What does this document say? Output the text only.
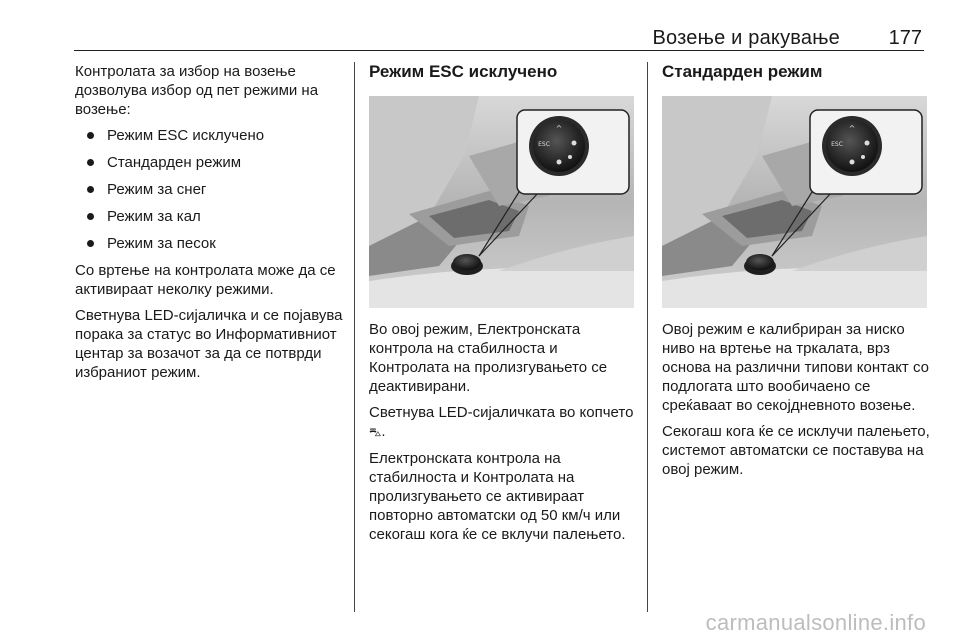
Возење и ракување 177

Контролата за избор на возење дозволува избор од пет режими на возење:

Режим ESC исклучено
Стандарден режим
Режим за снег
Режим за кал
Режим за песок

Со вртење на контролата може да се активираат неколку режими.

Светнува LED-сијаличка и се појавува порака за статус во Информативниот центар за возачот за да се потврди избраниот режим.

Режим ESC исклучено
^
ESC

Во овој режим, Електронската контрола на стабилноста и Контролата на пролизгувањето се деактивирани.

Светнува LED-сијаличката во копчето ⛍.

Електронската контрола на стабилноста и Контролата на пролизгувањето се активираат повторно автоматски од 50 км/ч или секогаш кога ќе се вклучи палењето.

Стандарден режим
^
ESC

Овој режим е калибриран за ниско ниво на вртење на тркалата, врз основа на различни типови контакт со подлогата што вообичаено се среќаваат во секојдневното возење.

Секогаш кога ќе се исклучи палењето, системот автоматски се поставува на овој режим.

carmanualsonline.info
